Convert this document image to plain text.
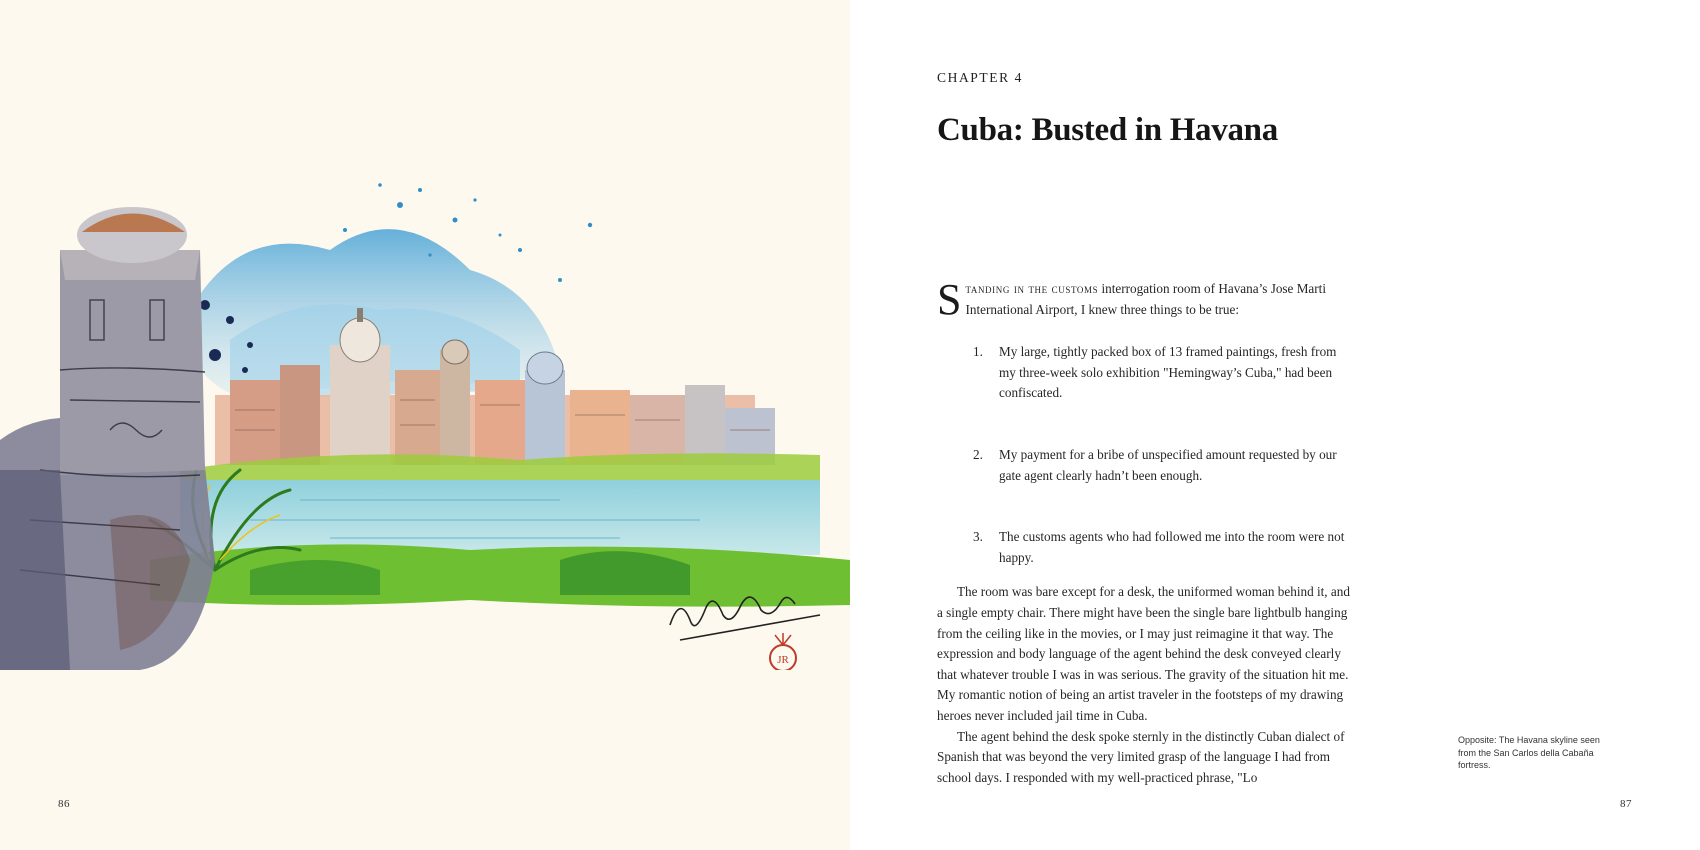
JR
86
CHAPTER 4
Cuba: Busted in Havana

Standing in the customs interrogation room of Havana’s Jose Marti International Airport, I knew three things to be true:

1. My large, tightly packed box of 13 framed paintings, fresh from my three-week solo exhibition "Hemingway’s Cuba," had been confiscated.
2. My payment for a bribe of unspecified amount requested by our gate agent clearly hadn’t been enough.
3. The customs agents who had followed me into the room were not happy.

The room was bare except for a desk, the uniformed woman behind it, and a single empty chair. There might have been the single bare lightbulb hanging from the ceiling like in the movies, or I may just reimagine it that way. The expression and body language of the agent behind the desk conveyed clearly that whatever trouble I was in was serious. The gravity of the situation hit me. My romantic notion of being an artist traveler in the footsteps of my drawing heroes never included jail time in Cuba.

The agent behind the desk spoke sternly in the distinctly Cuban dialect of Spanish that was beyond the very limited grasp of the language I had from school days. I responded with my well-practiced phrase, "Lo

Opposite: The Havana skyline seen from the San Carlos della Cabaña fortress.
87
